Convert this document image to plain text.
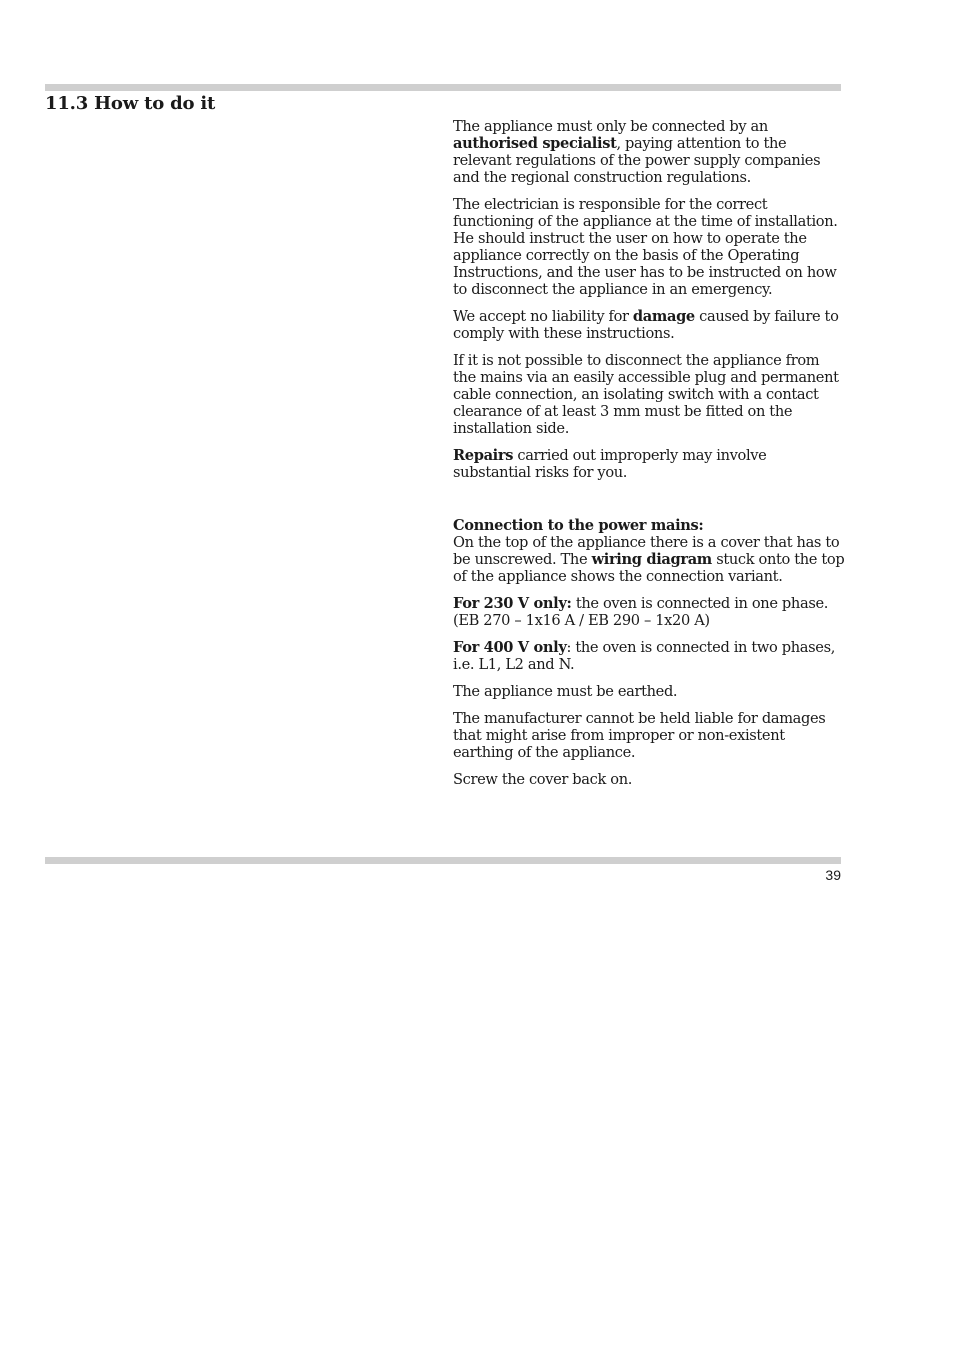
11.3 How to do it

The appliance must only be connected by an authorised specialist, paying attention to the relevant regulations of the power supply companies and the regional construction regulations.

The electrician is responsible for the correct functioning of the appliance at the time of installation. He should instruct the user on how to operate the appliance correctly on the basis of the Operating Instructions, and the user has to be instructed on how to disconnect the appliance in an emergency.

We accept no liability for damage caused by failure to comply with these instructions.

If it is not possible to disconnect the appliance from the mains via an easily accessible plug and permanent cable connection, an isolating switch with a contact clearance of at least 3 mm must be fitted on the installation side.

Repairs carried out improperly may involve substantial risks for you.

Connection to the power mains:
On the top of the appliance there is a cover that has to be unscrewed. The wiring diagram stuck onto the top of the appliance shows the connection variant.

For 230 V only: the oven is connected in one phase. (EB 270 – 1x16 A / EB 290 – 1x20 A)

For 400 V only: the oven is connected in two phases, i.e. L1, L2 and N.

The appliance must be earthed.

The manufacturer cannot be held liable for damages that might arise from improper or non-existent earthing of the appliance.

Screw the cover back on.

39
